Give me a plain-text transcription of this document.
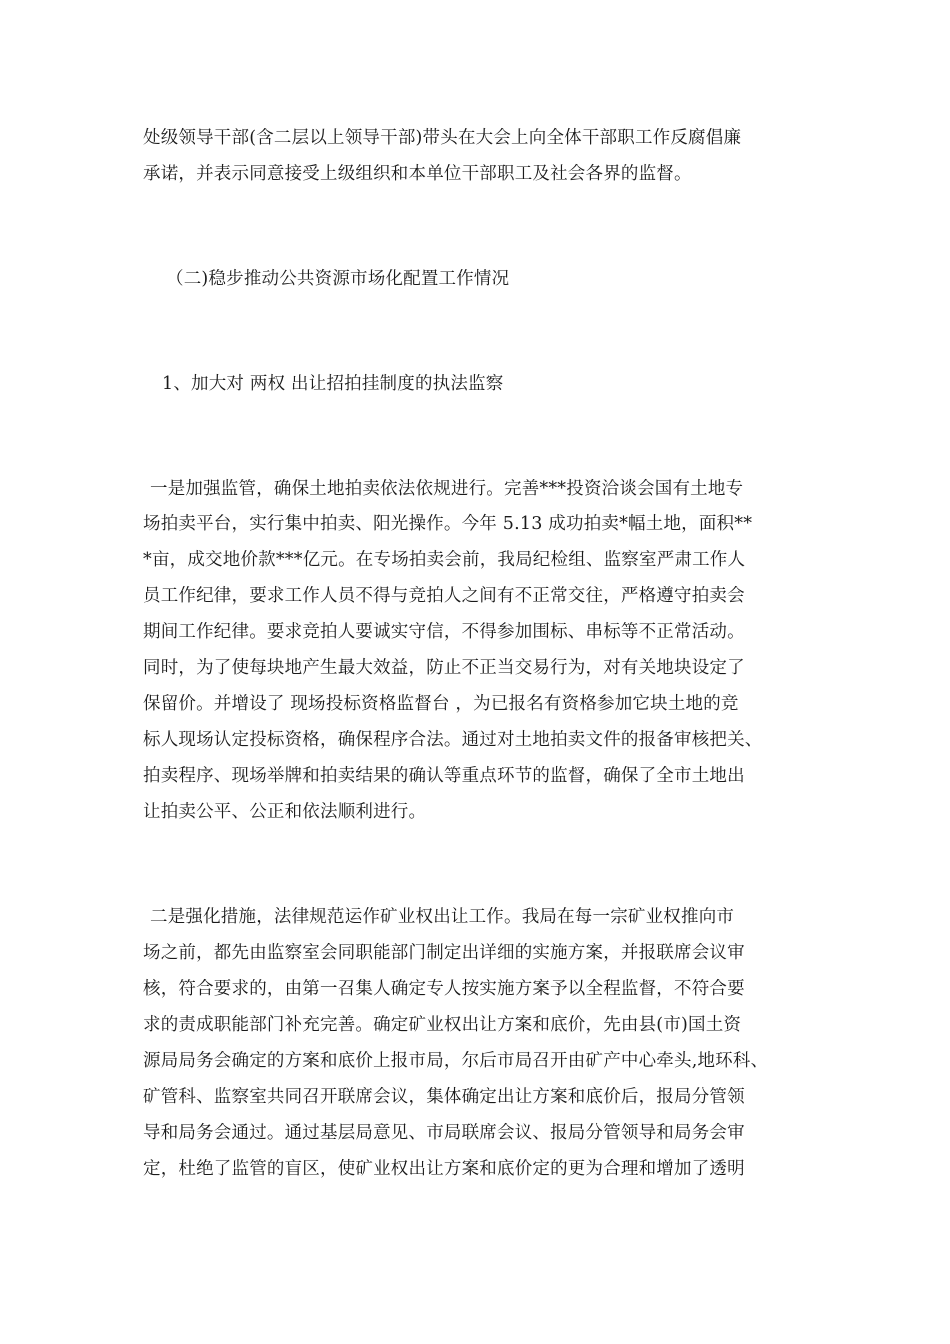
处级领导干部(含二层以上领导干部)带头在大会上向全体干部职工作反腐倡廉
承诺，并表示同意接受上级组织和本单位干部职工及社会各界的监督。
（二)稳步推动公共资源市场化配置工作情况
1、加大对 两权 出让招拍挂制度的执法监察
一是加强监管，确保土地拍卖依法依规进行。完善***投资洽谈会国有土地专
场拍卖平台，实行集中拍卖、阳光操作。今年 5.13 成功拍卖*幅土地，面积**
*亩，成交地价款***亿元。在专场拍卖会前，我局纪检组、监察室严肃工作人
员工作纪律，要求工作人员不得与竞拍人之间有不正常交往，严格遵守拍卖会
期间工作纪律。要求竞拍人要诚实守信，不得参加围标、串标等不正常活动。
同时，为了使每块地产生最大效益，防止不正当交易行为，对有关地块设定了
保留价。并增设了 现场投标资格监督台 ，为已报名有资格参加它块土地的竞
标人现场认定投标资格，确保程序合法。通过对土地拍卖文件的报备审核把关、
拍卖程序、现场举牌和拍卖结果的确认等重点环节的监督，确保了全市土地出
让拍卖公平、公正和依法顺利进行。
二是强化措施，法律规范运作矿业权出让工作。我局在每一宗矿业权推向市
场之前，都先由监察室会同职能部门制定出详细的实施方案，并报联席会议审
核，符合要求的，由第一召集人确定专人按实施方案予以全程监督，不符合要
求的责成职能部门补充完善。确定矿业权出让方案和底价，先由县(市)国土资
源局局务会确定的方案和底价上报市局，尔后市局召开由矿产中心牵头,地环科、
矿管科、监察室共同召开联席会议，集体确定出让方案和底价后，报局分管领
导和局务会通过。通过基层局意见、市局联席会议、报局分管领导和局务会审
定，杜绝了监管的盲区，使矿业权出让方案和底价定的更为合理和增加了透明
